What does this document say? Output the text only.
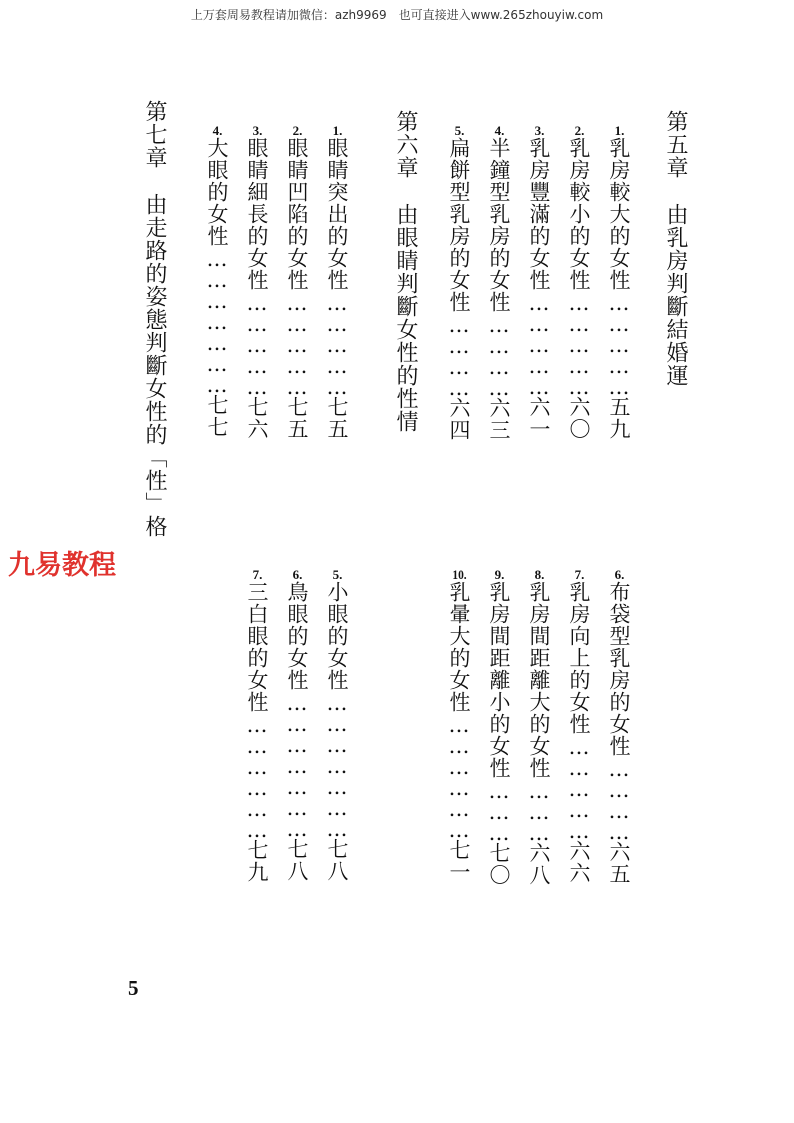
上万套周易教程请加微信：azh9969　也可直接进入www.265zhouyiw.com
第五章由乳房判斷結婚運
1.乳房較大的女性……………五九
2.乳房較小的女性……………六〇
3.乳房豐滿的女性……………六一
4.半鐘型乳房的女性…………六三
5.扁餅型乳房的女性…………六四
6.布袋型乳房的女性…………六五
7.乳房向上的女性……………六六
8.乳房間距離大的女性………六八
9.乳房間距離小的女性………七〇
10.乳暈大的女性………………七一
第六章由眼睛判斷女性的性情
1.眼睛突出的女性……………七五
2.眼睛凹陷的女性……………七五
3.眼睛細長的女性……………七六
4.大眼的女性…………………七七
5.小眼的女性…………………七八
6.鳥眼的女性…………………七八
7.三白眼的女性………………七九
第七章由走路的姿態判斷女性的「性」格
九易教程
5
